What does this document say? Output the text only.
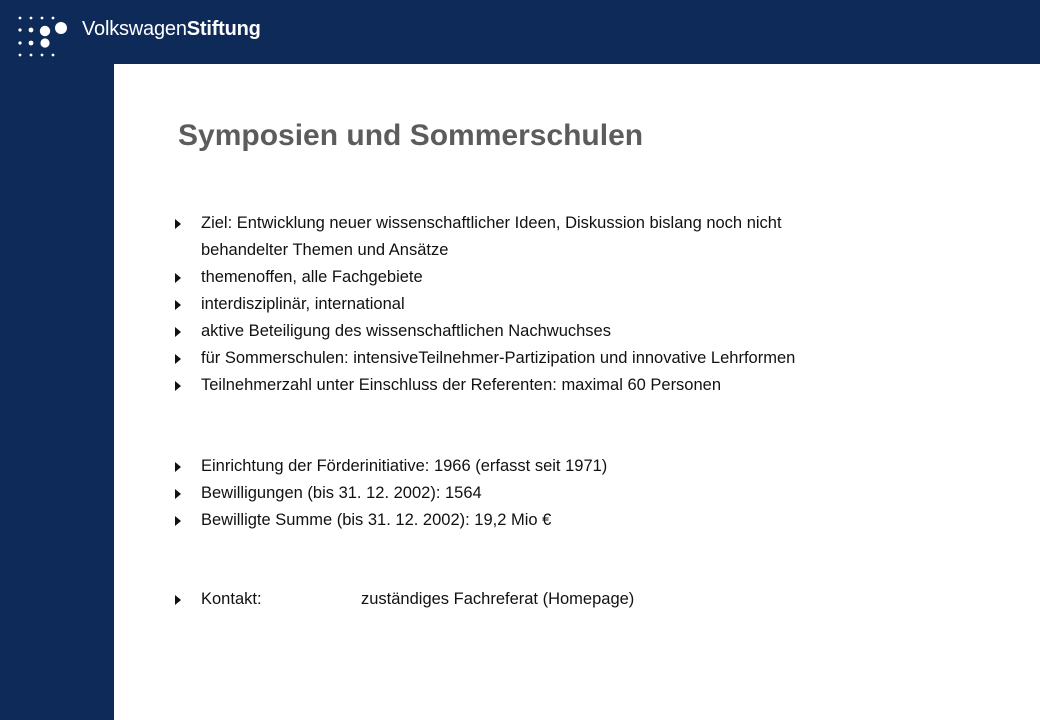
VolkswagenStiftung
Symposien und Sommerschulen
Ziel: Entwicklung neuer wissenschaftlicher Ideen, Diskussion bislang noch nicht
behandelter Themen und Ansätze
themenoffen, alle Fachgebiete
interdisziplinär, international
aktive Beteiligung des wissenschaftlichen Nachwuchses
für Sommerschulen: intensiveTeilnehmer-Partizipation und innovative Lehrformen
Teilnehmerzahl unter Einschluss der Referenten: maximal 60 Personen
Einrichtung der Förderinitiative: 1966 (erfasst seit 1971)
Bewilligungen (bis 31. 12. 2002): 1564
Bewilligte Summe (bis 31. 12. 2002): 19,2 Mio €
Kontakt:	zuständiges Fachreferat (Homepage)
